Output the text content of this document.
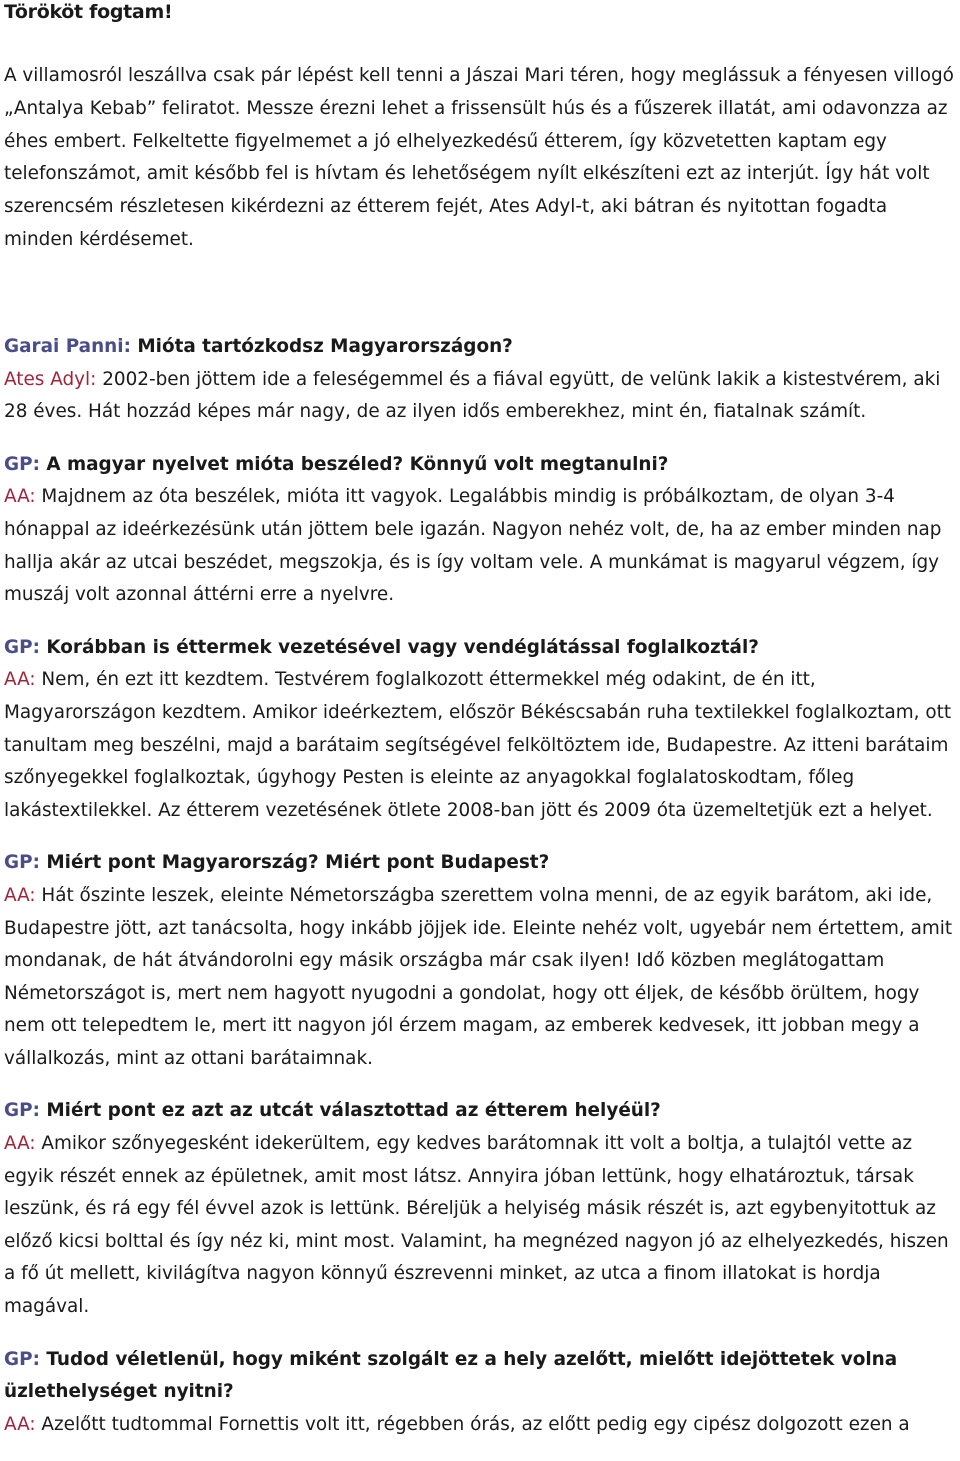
Törököt fogtam!

A villamosról leszállva csak pár lépést kell tenni a Jászai Mari téren, hogy meglássuk a fényesen villogó „Antalya Kebab” feliratot. Messze érezni lehet a frissensült hús és a fűszerek illatát, ami odavonzza az éhes embert. Felkeltette figyelmemet a jó elhelyezkedésű étterem, így közvetetten kaptam egy telefonszámot, amit később fel is hívtam és lehetőségem nyílt elkészíteni ezt az interjút. Így hát volt szerencsém részletesen kikérdezni az étterem fejét, Ates Adyl-t, aki bátran és nyitottan fogadta minden kérdésemet.

Garai Panni: Mióta tartózkodsz Magyarországon?

Ates Adyl: 2002-ben jöttem ide a feleségemmel és a fiával együtt, de velünk lakik a kistestvérem, aki 28 éves. Hát hozzád képes már nagy, de az ilyen idős emberekhez, mint én, fiatalnak számít.

GP: A magyar nyelvet mióta beszéled? Könnyű volt megtanulni?

AA: Majdnem az óta beszélek, mióta itt vagyok. Legalábbis mindig is próbálkoztam, de olyan 3-4 hónappal az ideérkezésünk után jöttem bele igazán. Nagyon nehéz volt, de, ha az ember minden nap hallja akár az utcai beszédet, megszokja, és is így voltam vele. A munkámat is magyarul végzem, így muszáj volt azonnal áttérni erre a nyelvre.

GP: Korábban is éttermek vezetésével vagy vendéglátással foglalkoztál?

AA: Nem, én ezt itt kezdtem. Testvérem foglalkozott éttermekkel még odakint, de én itt, Magyarországon kezdtem. Amikor ideérkeztem, először Békéscsabán ruha textilekkel foglalkoztam, ott tanultam meg beszélni, majd a barátaim segítségével felköltöztem ide, Budapestre. Az itteni barátaim szőnyegekkel foglalkoztak, úgyhogy Pesten is eleinte az anyagokkal foglalatoskodtam, főleg lakástextilekkel. Az étterem vezetésének ötlete 2008-ban jött és 2009 óta üzemeltetjük ezt a helyet.

GP: Miért pont Magyarország? Miért pont Budapest?

AA: Hát őszinte leszek, eleinte Németországba szerettem volna menni, de az egyik barátom, aki ide, Budapestre jött, azt tanácsolta, hogy inkább jöjjek ide. Eleinte nehéz volt, ugyebár nem értettem, amit mondanak, de hát átvándorolni egy másik országba már csak ilyen! Idő közben meglátogattam Németországot is, mert nem hagyott nyugodni a gondolat, hogy ott éljek, de később örültem, hogy nem ott telepedtem le, mert itt nagyon jól érzem magam, az emberek kedvesek, itt jobban megy a vállalkozás, mint az ottani barátaimnak.

GP: Miért pont ez azt az utcát választottad az étterem helyéül?

AA: Amikor szőnyegesként idekerültem, egy kedves barátomnak itt volt a boltja, a tulajtól vette az egyik részét ennek az épületnek, amit most látsz. Annyira jóban lettünk, hogy elhatároztuk, társak leszünk, és rá egy fél évvel azok is lettünk. Béreljük a helyiség másik részét is, azt egybenyitottuk az előző kicsi bolttal és így néz ki, mint most. Valamint, ha megnézed nagyon jó az elhelyezkedés, hiszen a fő út mellett, kivilágítva nagyon könnyű észrevenni minket, az utca a finom illatokat is hordja magával.

GP: Tudod véletlenül, hogy miként szolgált ez a hely azelőtt, mielőtt idejöttetek volna üzlethelységet nyitni?

AA: Azelőtt tudtommal Fornettis volt itt, régebben órás, az előtt pedig egy cipész dolgozott ezen a
